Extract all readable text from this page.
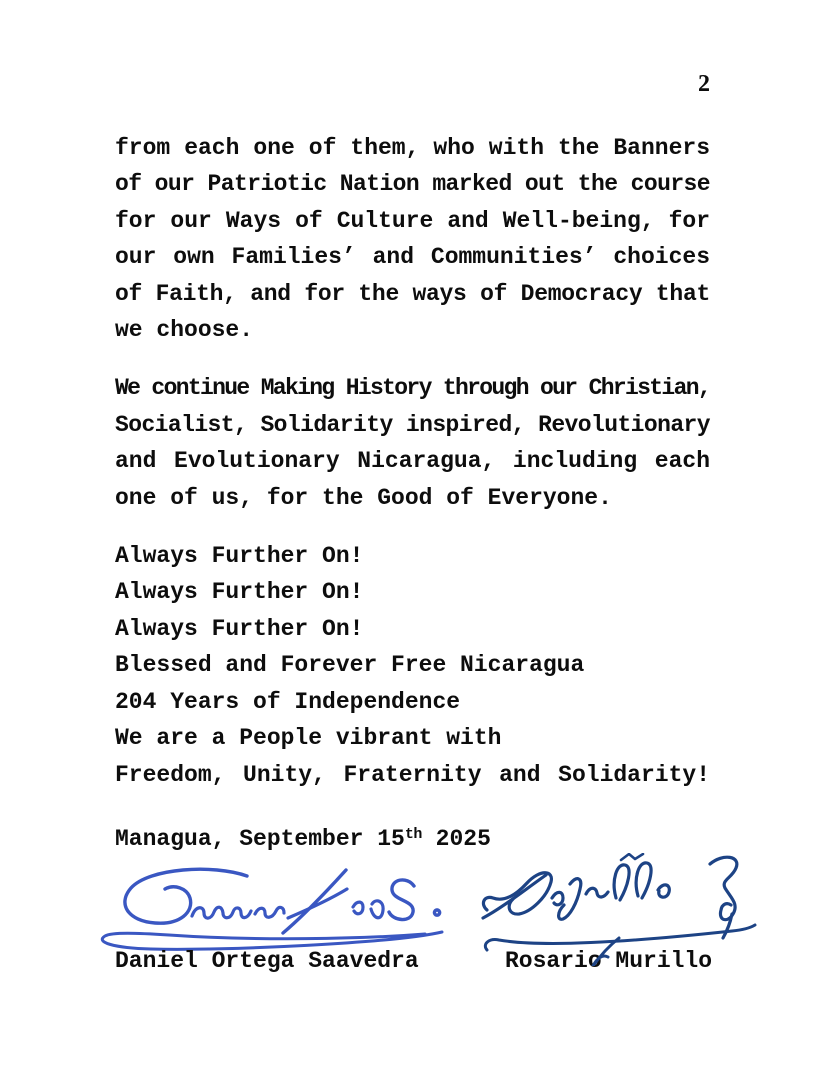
2
from each one of them, who with the Banners
of our Patriotic Nation marked out the course
for our Ways of Culture and Well-being, for
our own Families’ and Communities’ choices
of Faith, and for the ways of Democracy that
we choose.
We continue Making History through our Christian,
Socialist, Solidarity inspired, Revolutionary
and Evolutionary Nicaragua, including each
one of us, for the Good of Everyone.
Always Further On!
Always Further On!
Always Further On!
Blessed and Forever Free Nicaragua
204 Years of Independence
We are a People vibrant with
Freedom, Unity, Fraternity and Solidarity!
Managua, September 15th 2025
Daniel Ortega Saavedra	Rosario Murillo
